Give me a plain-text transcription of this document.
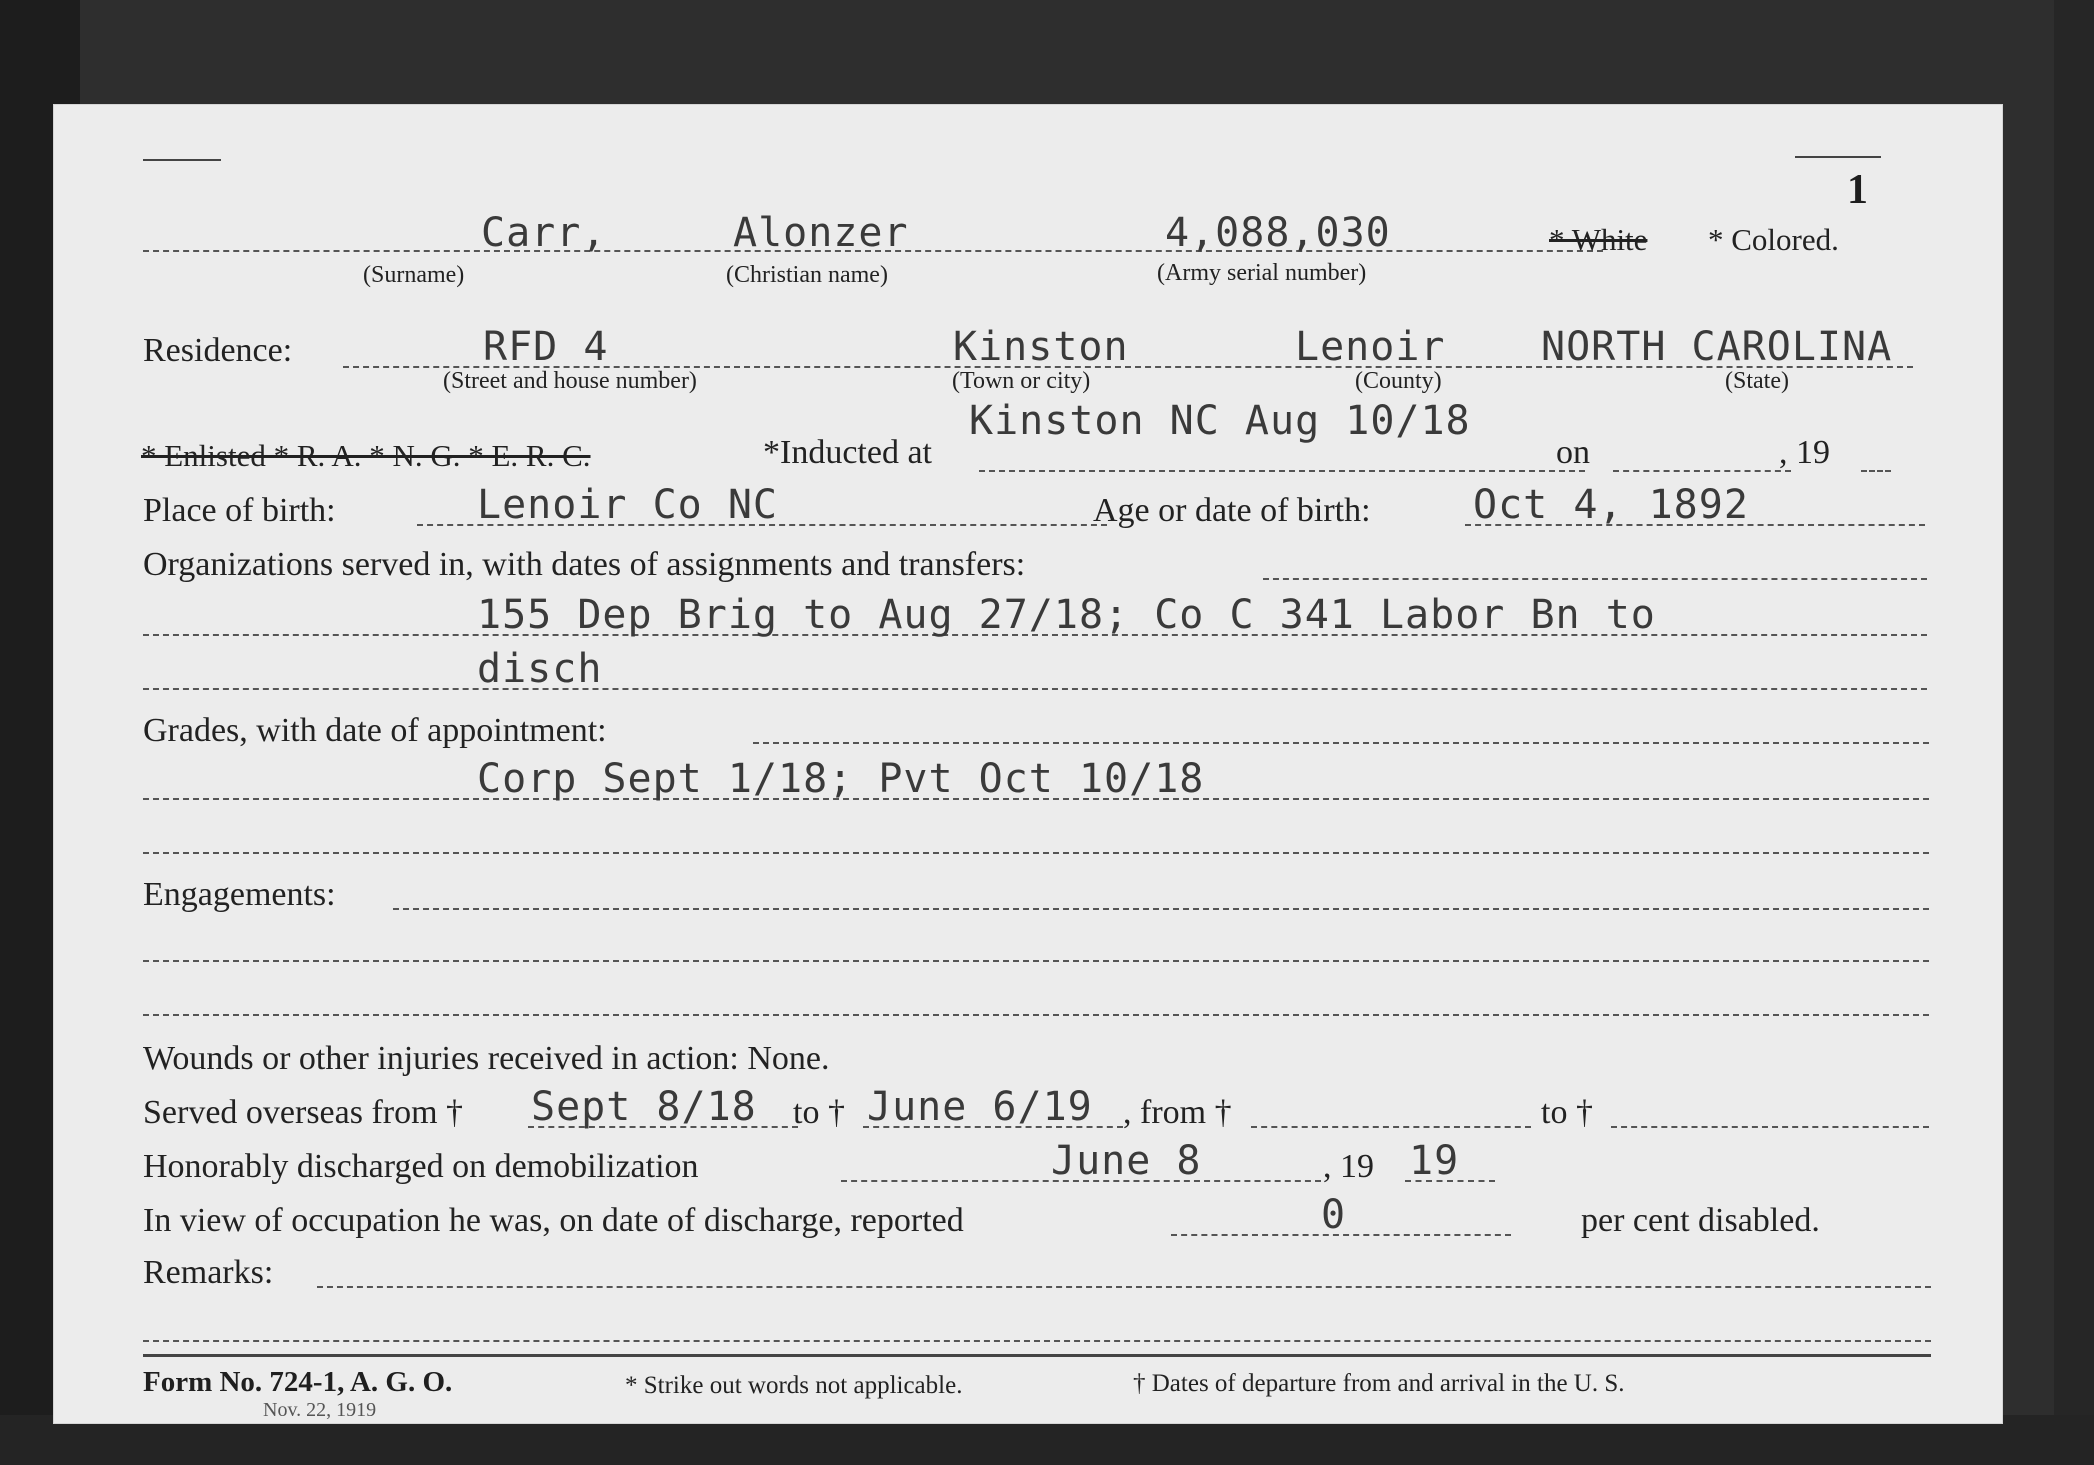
1
Carr,	Alonzer	4,088,030	* White * Colored.
(Surname)	(Christian name)	(Army serial number)
Residence:	RFD 4	Kinston	Lenoir NORTH CAROLINA
(Street and house number)	(Town or city)	(County)	(State)
* Enlisted * R. A. * N. G. * E. R. C.	*Inducted at
Kinston NC Aug 10/18
on	, 19
Place of birth:	Lenoir Co NC	Age or date of birth:	Oct 4, 1892
Organizations served in, with dates of assignments and transfers:
155 Dep Brig to Aug 27/18; Co C 341 Labor Bn to
disch
Grades, with date of appointment:
Corp Sept 1/18; Pvt Oct 10/18
Engagements:
Wounds or other injuries received in action: None.
Served overseas from † Sept 8/18 to † June 6/19 , from †	to †
Honorably discharged on demobilization	June 8	, 19 19
In view of occupation he was, on date of discharge, reported	0	per cent disabled.
Remarks:
Form No. 724-1, A. G. O.
Nov. 22, 1919
* Strike out words not applicable.	† Dates of departure from and arrival in the U. S.
